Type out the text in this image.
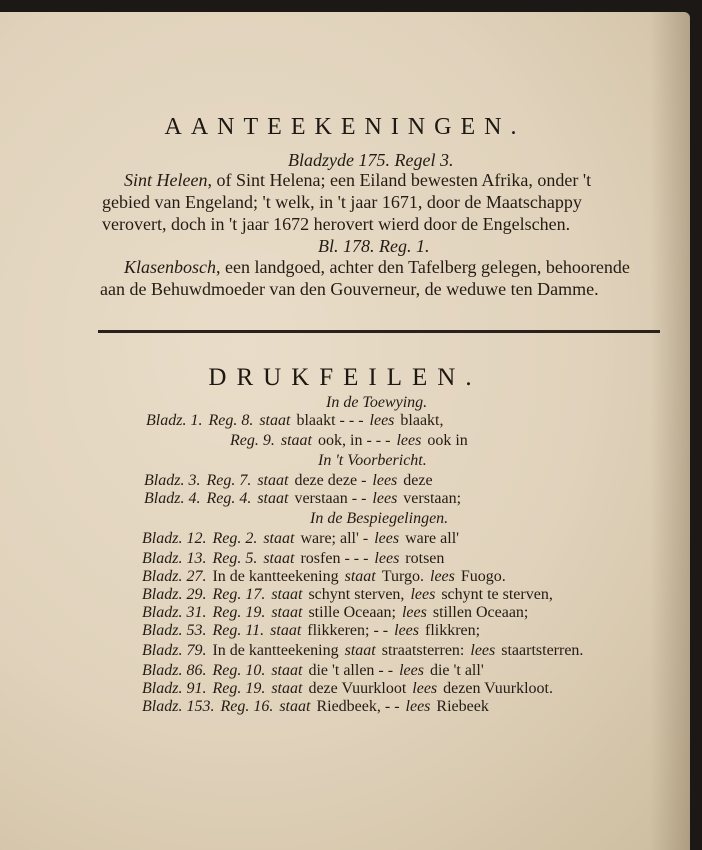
AANTEEKENINGEN.
Bladzyde 175. Regel 3.
Sint Heleen, of Sint Helena; een Eiland bewesten Afrika, onder 't
gebied van Engeland; 't welk, in 't jaar 1671, door de Maatschappy
verovert, doch in 't jaar 1672 herovert wierd door de Engelschen.
Bl. 178. Reg. 1.
Klasenbosch, een landgoed, achter den Tafelberg gelegen, behoorende
aan de Behuwdmoeder van den Gouverneur, de weduwe ten Damme.
DRUKFEILEN.
In de Toewying.
In 't Voorbericht.
In de Bespiegelingen.
Bladz. 1. Reg. 8. staat blaakt - - - lees blaakt,
Reg. 9. staat ook, in - - - lees ook in
Bladz. 3. Reg. 7. staat deze deze - lees deze
Bladz. 4. Reg. 4. staat verstaan - - lees verstaan;
Bladz. 12. Reg. 2. staat ware; all' - lees ware all'
Bladz. 13. Reg. 5. staat rosfen - - - lees rotsen
Bladz. 27. In de kantteekening staat Turgo. lees Fuogo.
Bladz. 29. Reg. 17. staat schynt sterven, lees schynt te sterven,
Bladz. 31. Reg. 19. staat stille Oceaan; lees stillen Oceaan;
Bladz. 53. Reg. 11. staat flikkeren; - - lees flikkren;
Bladz. 79. In de kantteekening staat straatsterren: lees staartsterren.
Bladz. 86. Reg. 10. staat die 't allen - - lees die 't all'
Bladz. 91. Reg. 19. staat deze Vuurkloot lees dezen Vuurkloot.
Bladz. 153. Reg. 16. staat Riedbeek, - - lees Riebeek
